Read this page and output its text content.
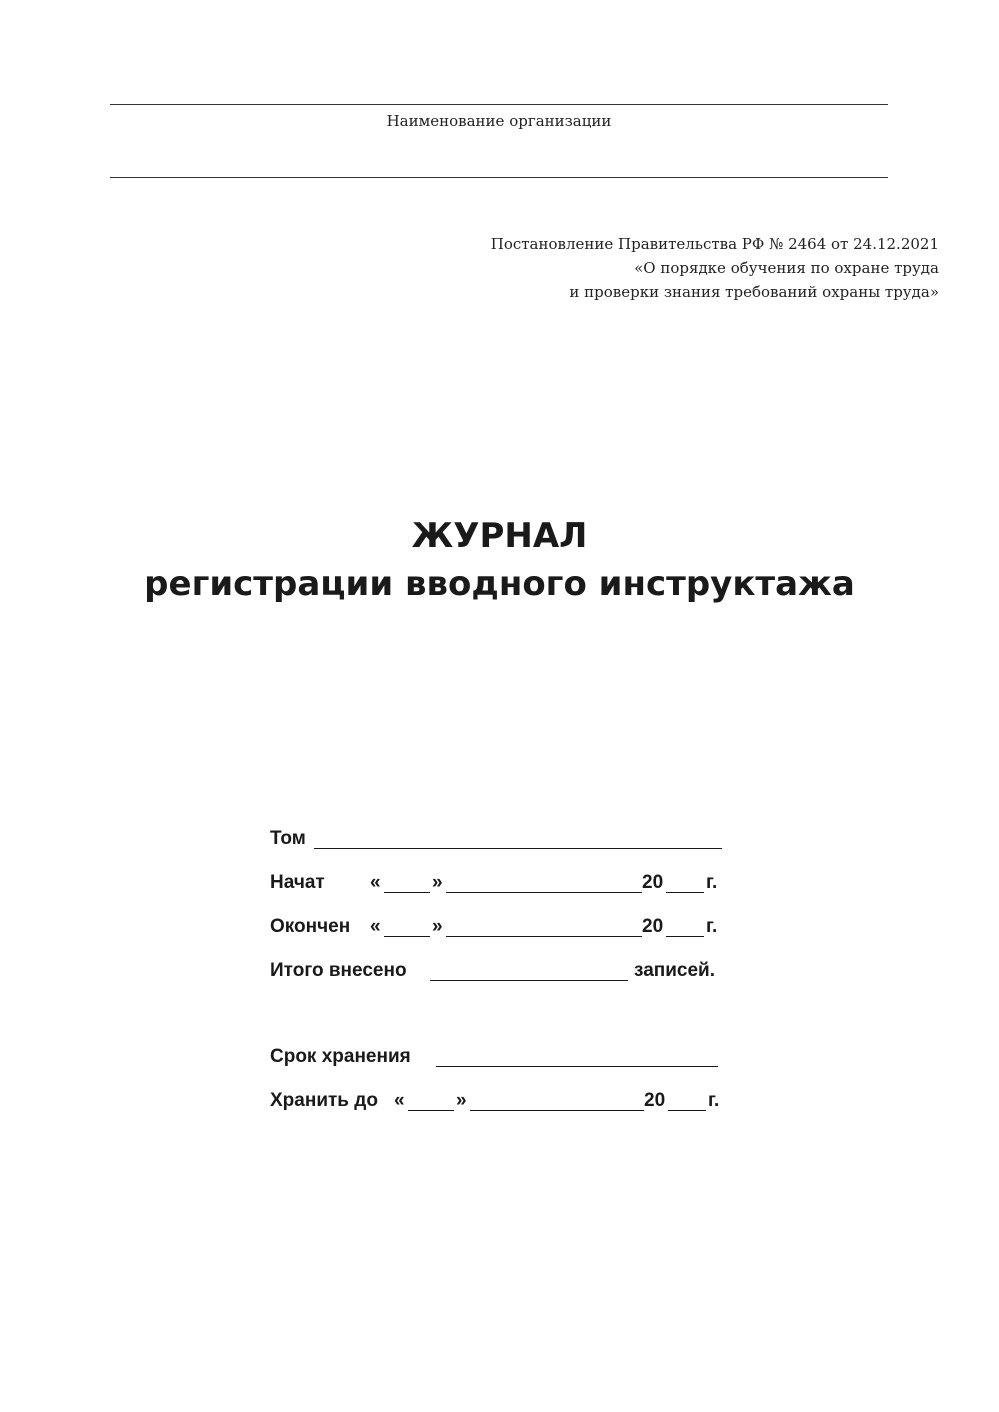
Наименование организации
Постановление Правительства РФ № 2464 от 24.12.2021
«О порядке обучения по охране труда
и проверки знания требований охраны труда»
ЖУРНАЛ
регистрации вводного инструктажа
Том
Начат «	»	20 г.
Окончен «	»	20 г.
Итого внесено	записей.
Срок хранения
Хранить до «	»	20 г.
